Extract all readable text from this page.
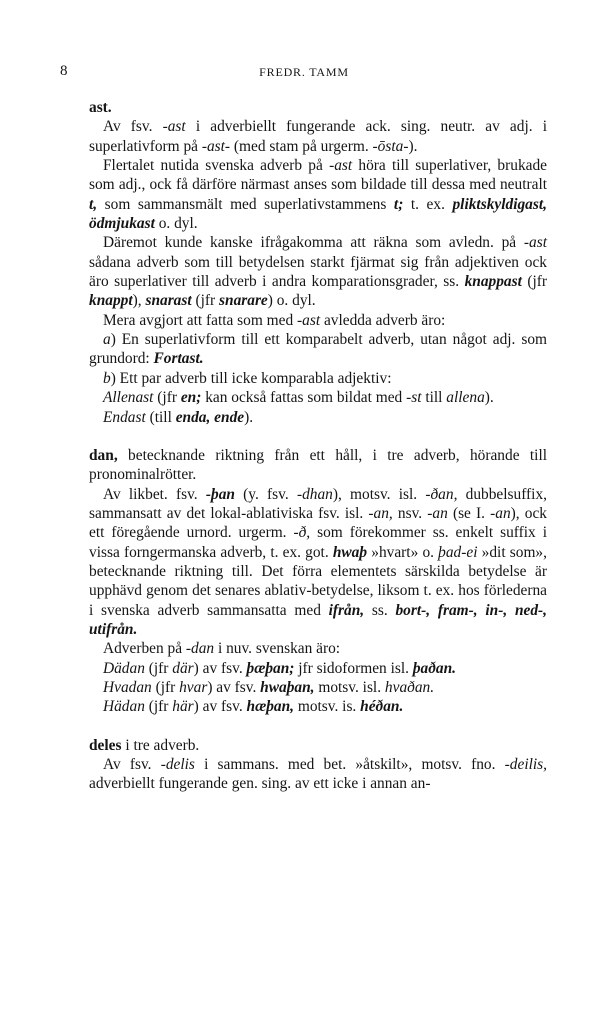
8	FREDR. TAMM

ast.

Av fsv. -ast i adverbiellt fungerande ack. sing. neutr. av adj. i superlativform på -ast- (med stam på urgerm. -ōsta-).

Flertalet nutida svenska adverb på -ast höra till superlativer, brukade som adj., ock få därföre närmast anses som bildade till dessa med neutralt t, som sammansmält med superlativstammens t; t. ex. pliktskyldigast, ödmjukast o. dyl.

Däremot kunde kanske ifrågakomma att räkna som avledn. på -ast sådana adverb som till betydelsen starkt fjärmat sig från adjektiven ock äro superlativer till adverb i andra komparationsgrader, ss. knappast (jfr knappt), snarast (jfr snarare) o. dyl.

Mera avgjort att fatta som med -ast avledda adverb äro:

a) En superlativform till ett komparabelt adverb, utan något adj. som grundord: Fortast.

b) Ett par adverb till icke komparabla adjektiv:

Allenast (jfr en; kan också fattas som bildat med -st till allena).

Endast (till enda, ende).

dan, betecknande riktning från ett håll, i tre adverb, hörande till pronominalrötter.

Av likbet. fsv. -þan (y. fsv. -dhan), motsv. isl. -ðan, dubbelsuffix, sammansatt av det lokal-ablativiska fsv. isl. -an, nsv. -an (se I. -an), ock ett föregående urnord. urgerm. -ð, som förekommer ss. enkelt suffix i vissa forngermanska adverb, t. ex. got. hwaþ »hvart» o. þad-ei »dit som», betecknande riktning till. Det förra elementets särskilda betydelse är upphävd genom det senares ablativ-betydelse, liksom t. ex. hos förlederna i svenska adverb sammansatta med ifrån, ss. bort-, fram-, in-, ned-, utifrån.

Adverben på -dan i nuv. svenskan äro:

Dädan (jfr där) av fsv. þæþan; jfr sidoformen isl. þaðan.

Hvadan (jfr hvar) av fsv. hwaþan, motsv. isl. hvaðan.

Hädan (jfr här) av fsv. hæþan, motsv. is. héðan.

deles i tre adverb.

Av fsv. -delis i sammans. med bet. »åtskilt», motsv. fno. -deilis, adverbiellt fungerande gen. sing. av ett icke i annan an-
